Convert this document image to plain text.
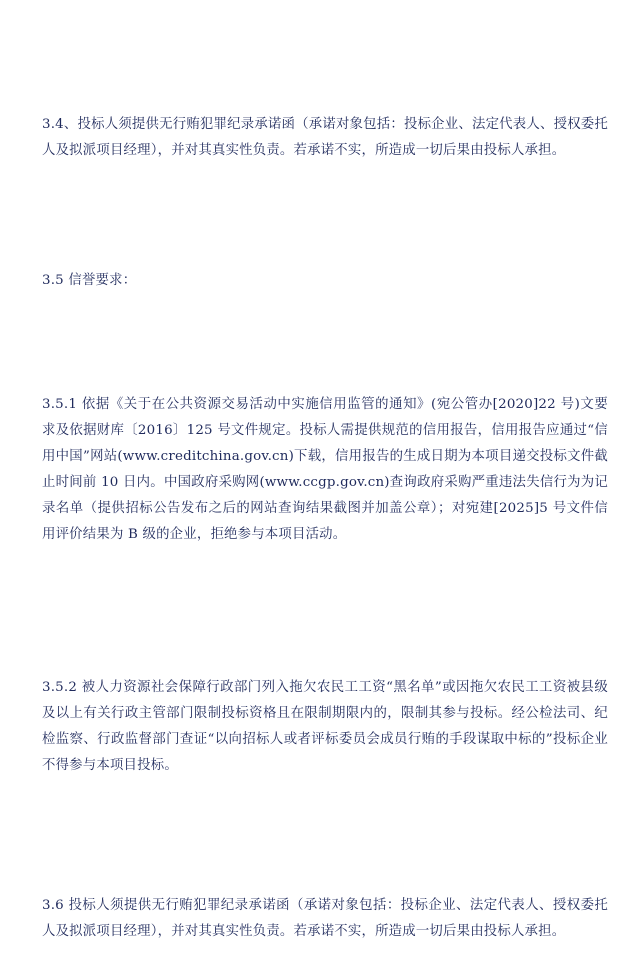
3.4、投标人须提供无行贿犯罪纪录承诺函（承诺对象包括：投标企业、法定代表人、授权委托人及拟派项目经理），并对其真实性负责。若承诺不实，所造成一切后果由投标人承担。

3.5 信誉要求：

3.5.1 依据《关于在公共资源交易活动中实施信用监管的通知》(宛公管办[2020]22 号)文要求及依据财库〔2016〕125 号文件规定。投标人需提供规范的信用报告，信用报告应通过“信用中国”网站(www.creditchina.gov.cn)下载，信用报告的生成日期为本项目递交投标文件截止时间前 10 日内。中国政府采购网(www.ccgp.gov.cn)查询政府采购严重违法失信行为为记录名单（提供招标公告发布之后的网站查询结果截图并加盖公章）；对宛建[2025]5 号文件信用评价结果为 B 级的企业，拒绝参与本项目活动。

3.5.2 被人力资源社会保障行政部门列入拖欠农民工工资“黑名单”或因拖欠农民工工资被县级及以上有关行政主管部门限制投标资格且在限制期限内的，限制其参与投标。经公检法司、纪检监察、行政监督部门查证“以向招标人或者评标委员会成员行贿的手段谋取中标的”投标企业不得参与本项目投标。

3.6 投标人须提供无行贿犯罪纪录承诺函（承诺对象包括：投标企业、法定代表人、授权委托人及拟派项目经理），并对其真实性负责。若承诺不实，所造成一切后果由投标人承担。
